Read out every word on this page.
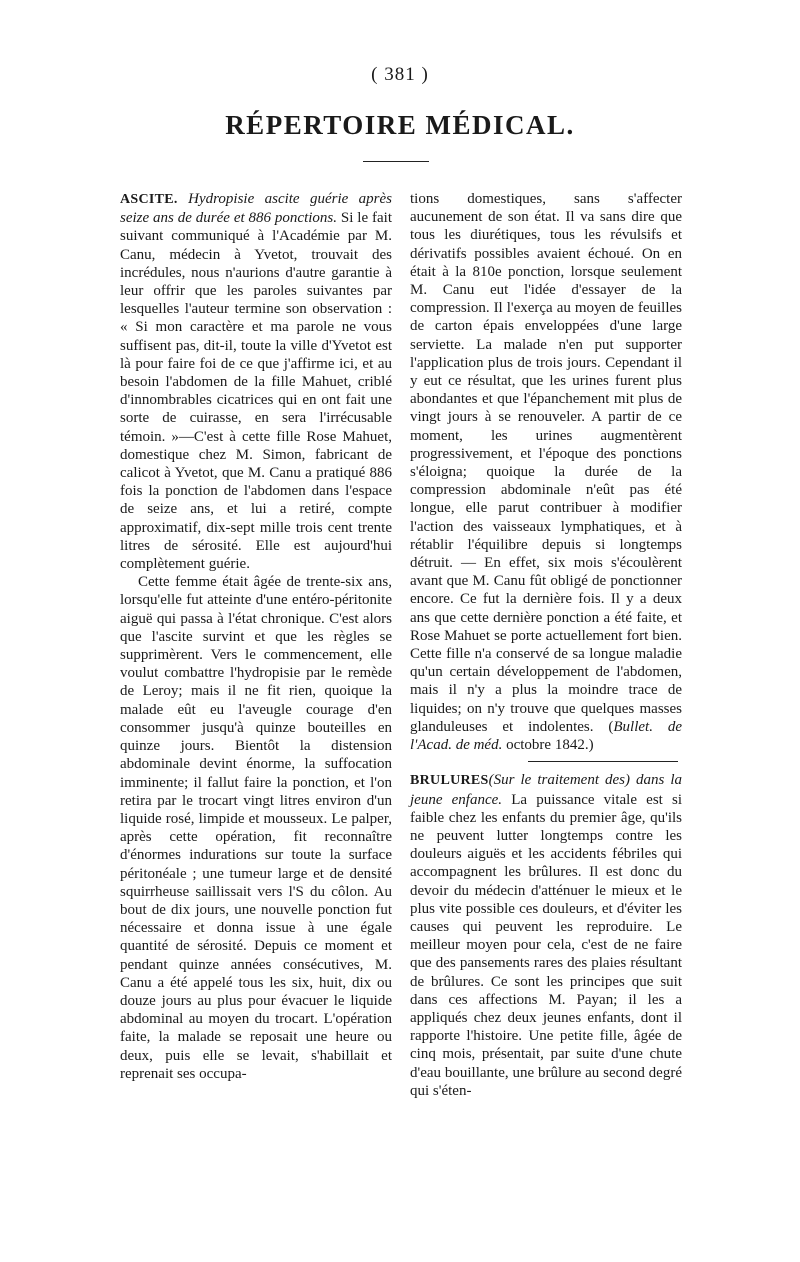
( 381 )
RÉPERTOIRE MÉDICAL.

ASCITE. Hydropisie ascite guérie après seize ans de durée et 886 ponctions. Si le fait suivant communiqué à l'Académie par M. Canu, médecin à Yvetot, trouvait des incrédules, nous n'aurions d'autre garantie à leur offrir que les paroles suivantes par lesquelles l'auteur termine son observation : « Si mon caractère et ma parole ne vous suffisent pas, dit-il, toute la ville d'Yvetot est là pour faire foi de ce que j'affirme ici, et au besoin l'abdomen de la fille Mahuet, criblé d'innombrables cicatrices qui en ont fait une sorte de cuirasse, en sera l'irrécusable témoin. »—C'est à cette fille Rose Mahuet, domestique chez M. Simon, fabricant de calicot à Yvetot, que M. Canu a pratiqué 886 fois la ponction de l'abdomen dans l'espace de seize ans, et lui a retiré, compte approximatif, dix-sept mille trois cent trente litres de sérosité. Elle est aujourd'hui complètement guérie.

Cette femme était âgée de trente-six ans, lorsqu'elle fut atteinte d'une entéro-péritonite aiguë qui passa à l'état chronique. C'est alors que l'ascite survint et que les règles se supprimèrent. Vers le commencement, elle voulut combattre l'hydropisie par le remède de Leroy; mais il ne fit rien, quoique la malade eût eu l'aveugle courage d'en consommer jusqu'à quinze bouteilles en quinze jours. Bientôt la distension abdominale devint énorme, la suffocation imminente; il fallut faire la ponction, et l'on retira par le trocart vingt litres environ d'un liquide rosé, limpide et mousseux. Le palper, après cette opération, fit reconnaître d'énormes indurations sur toute la surface péritonéale ; une tumeur large et de densité squirrheuse saillissait vers l'S du côlon. Au bout de dix jours, une nouvelle ponction fut nécessaire et donna issue à une égale quantité de sérosité. Depuis ce moment et pendant quinze années consécutives, M. Canu a été appelé tous les six, huit, dix ou douze jours au plus pour évacuer le liquide abdominal au moyen du trocart. L'opération faite, la malade se reposait une heure ou deux, puis elle se levait, s'habillait et reprenait ses occupa-

tions domestiques, sans s'affecter aucunement de son état. Il va sans dire que tous les diurétiques, tous les révulsifs et dérivatifs possibles avaient échoué. On en était à la 810e ponction, lorsque seulement M. Canu eut l'idée d'essayer de la compression. Il l'exerça au moyen de feuilles de carton épais enveloppées d'une large serviette. La malade n'en put supporter l'application plus de trois jours. Cependant il y eut ce résultat, que les urines furent plus abondantes et que l'épanchement mit plus de vingt jours à se renouveler. A partir de ce moment, les urines augmentèrent progressivement, et l'époque des ponctions s'éloigna; quoique la durée de la compression abdominale n'eût pas été longue, elle parut contribuer à modifier l'action des vaisseaux lymphatiques, et à rétablir l'équilibre depuis si longtemps détruit. — En effet, six mois s'écoulèrent avant que M. Canu fût obligé de ponctionner encore. Ce fut la dernière fois. Il y a deux ans que cette dernière ponction a été faite, et Rose Mahuet se porte actuellement fort bien. Cette fille n'a conservé de sa longue maladie qu'un certain développement de l'abdomen, mais il n'y a plus la moindre trace de liquides; on n'y trouve que quelques masses glanduleuses et indolentes. (Bullet. de l'Acad. de méd. octobre 1842.)

BRULURES(Sur le traitement des) dans la jeune enfance. La puissance vitale est si faible chez les enfants du premier âge, qu'ils ne peuvent lutter longtemps contre les douleurs aiguës et les accidents fébriles qui accompagnent les brûlures. Il est donc du devoir du médecin d'atténuer le mieux et le plus vite possible ces douleurs, et d'éviter les causes qui peuvent les reproduire. Le meilleur moyen pour cela, c'est de ne faire que des pansements rares des plaies résultant de brûlures. Ce sont les principes que suit dans ces affections M. Payan; il les a appliqués chez deux jeunes enfants, dont il rapporte l'histoire. Une petite fille, âgée de cinq mois, présentait, par suite d'une chute d'eau bouillante, une brûlure au second degré qui s'éten-
